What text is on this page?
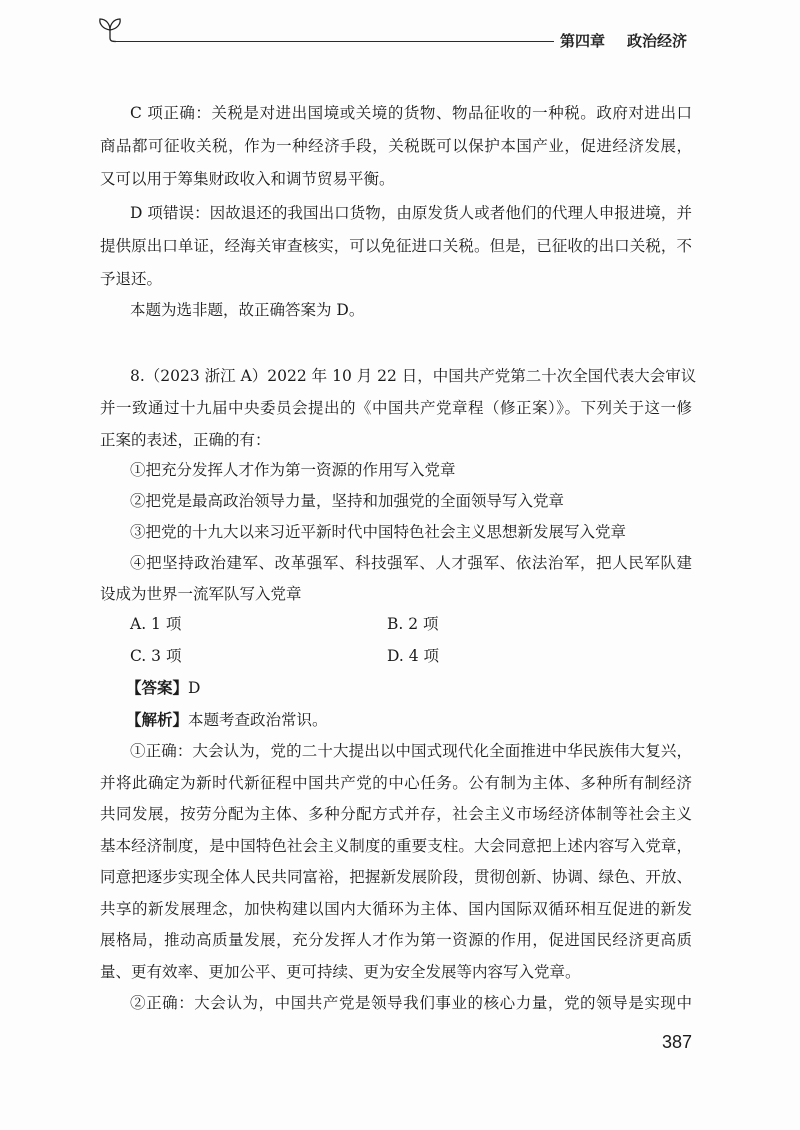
第四章 政治经济
C 项正确：关税是对进出国境或关境的货物、物品征收的一种税。政府对进出口
商品都可征收关税，作为一种经济手段，关税既可以保护本国产业，促进经济发展，
又可以用于筹集财政收入和调节贸易平衡。
D 项错误：因故退还的我国出口货物，由原发货人或者他们的代理人申报进境，并
提供原出口单证，经海关审查核实，可以免征进口关税。但是，已征收的出口关税，不
予退还。
本题为选非题，故正确答案为 D。
8.（2023 浙江 A）2022 年 10 月 22 日，中国共产党第二十次全国代表大会审议
并一致通过十九届中央委员会提出的《中国共产党章程（修正案）》。下列关于这一修
正案的表述，正确的有：
①把充分发挥人才作为第一资源的作用写入党章
②把党是最高政治领导力量，坚持和加强党的全面领导写入党章
③把党的十九大以来习近平新时代中国特色社会主义思想新发展写入党章
④把坚持政治建军、改革强军、科技强军、人才强军、依法治军，把人民军队建
设成为世界一流军队写入党章
A. 1 项	B. 2 项
C. 3 项	D. 4 项
【答案】D
【解析】本题考查政治常识。
①正确：大会认为，党的二十大提出以中国式现代化全面推进中华民族伟大复兴，
并将此确定为新时代新征程中国共产党的中心任务。公有制为主体、多种所有制经济
共同发展，按劳分配为主体、多种分配方式并存，社会主义市场经济体制等社会主义
基本经济制度，是中国特色社会主义制度的重要支柱。大会同意把上述内容写入党章，
同意把逐步实现全体人民共同富裕，把握新发展阶段，贯彻创新、协调、绿色、开放、
共享的新发展理念，加快构建以国内大循环为主体、国内国际双循环相互促进的新发
展格局，推动高质量发展，充分发挥人才作为第一资源的作用，促进国民经济更高质
量、更有效率、更加公平、更可持续、更为安全发展等内容写入党章。
②正确：大会认为，中国共产党是领导我们事业的核心力量，党的领导是实现中
387
